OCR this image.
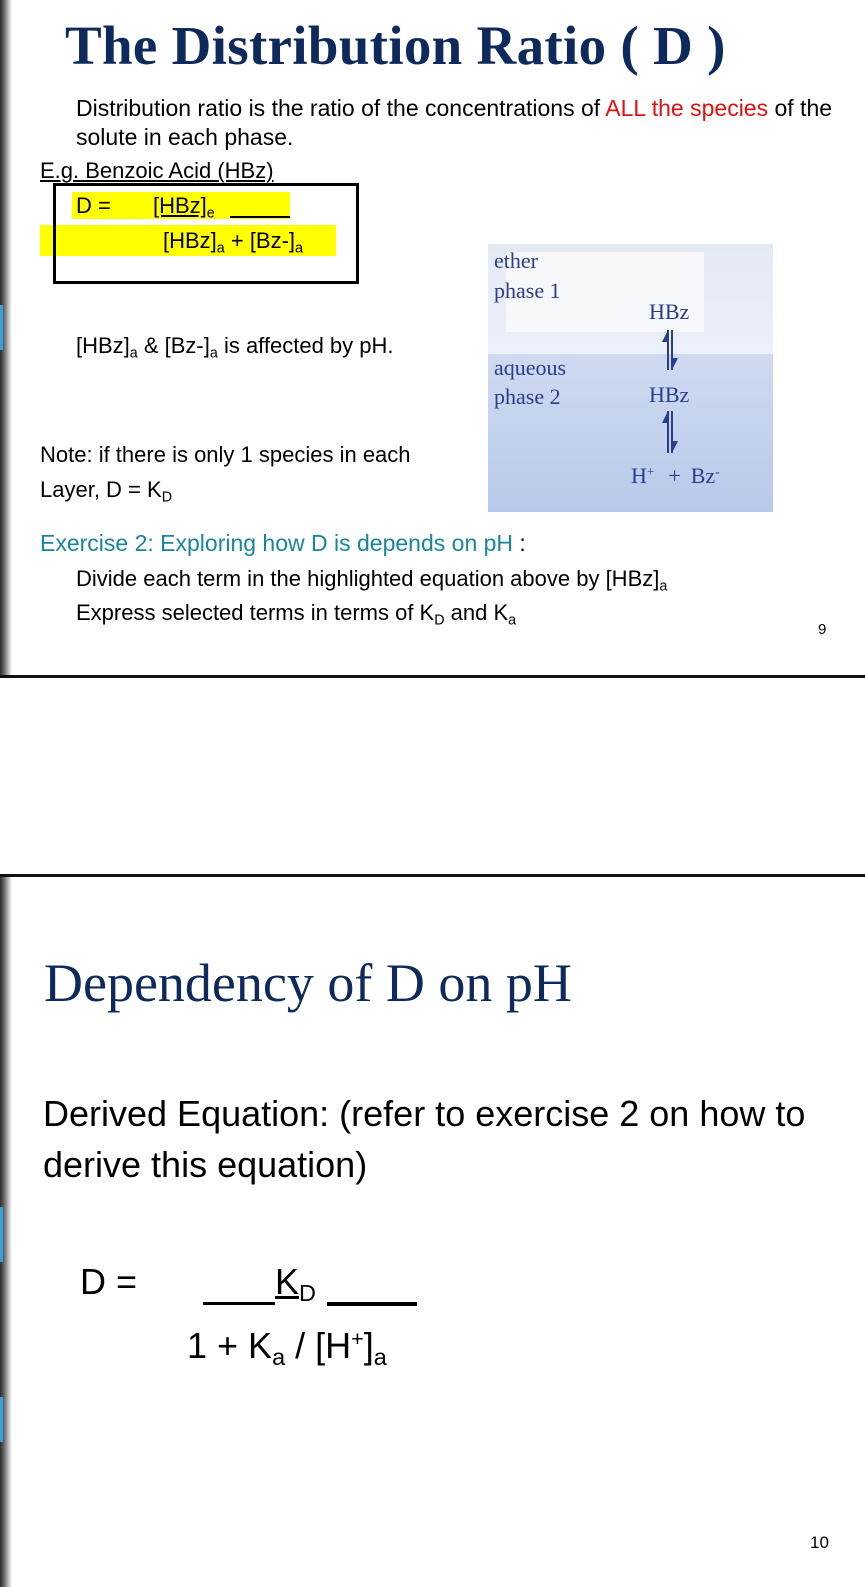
The Distribution Ratio ( D )
Distribution ratio is the ratio of the concentrations of ALL the species of the solute in each phase.
E.g. Benzoic Acid (HBz)
$D = [HBz]_e$
$[HBz]_a + [Bz-]_a$
$[HBz]_a$ & $[Bz-]_a$ is affected by pH.
Note: if there is only 1 species in each
Layer, $D = K_D$
ether
phase 1
HBz
aqueous
phase 2	HBz
H+ + Bz-
Exercise 2: Exploring how D is depends on pH :
Divide each term in the highlighted equation above by $[HBz]_a$
Express selected terms in terms of $K_D$ and $K_a$
9
Dependency of D on pH
Derived Equation: (refer to exercise 2 on how to derive this equation)
D =	$K_D$
$1 + K_a / [H^+]_a$
10
